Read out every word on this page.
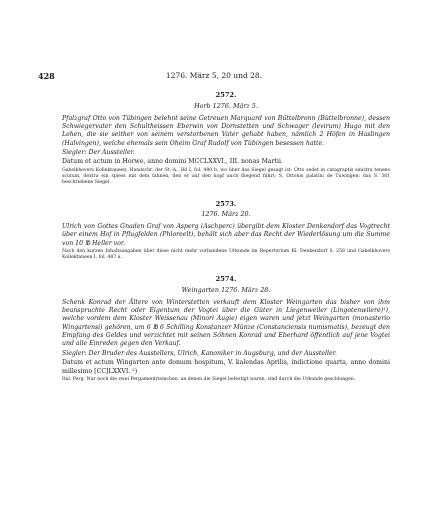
428	1276. März 5, 20 und 28.
2572.
Horb 1276. März 5.
Pfalzgraf Otto von Tübingen belehnt seine Getreuen Marquard von Büttelbronn (Büttelbronne), dessen Schwiegervater den Schultheissen Eberwin von Dornstetten und Schwager (levirum) Hugo mit den Lehen, die sie seither von seinem verstorbenen Vater gehabt haben, nämlich 2 Höfen in Haslingen (Halvingen), welche ehemals sein Oheim Graf Rudolf von Tübingen besessen hatte.
Siegler: Der Aussteller.
Datum et actum in Horwe, anno domini MCCLXXVI., III. nonas Martii.
Gabelkhovers Kollektaneen, Handschr. der St.-A., Bd I, fol. 480 b, wo über das Siegel gesagt ist: Otto sedet in catagraptis sinistra tenens scutum, dextra ein spiess mit dem fahnen, den er auf den kopf auch fliegend führt; S. Ottonis palatini de Tuwingen: das S. 381 beschriebene Siegel.
2573.
1276. März 20.
Ulrich von Gottes Gnaden Graf von Asperg (Aschperc) übergibt dem Kloster Denkendorf das Vogtrecht über einem Hof in Pflugfelden (Phloreelt), behält sich aber das Recht der Wiederlösung um die Summe von 10 ℔ Heller vor.
Nach den kurzen Inhaltsangaben über diese nicht mehr vorhandene Urkunde im Repertorium Kl. Denkendorf S. 258 und Gabelkhovers Kollektaneen I, fol. 487 a.
2574.
Weingarten 1276. März 28.
Schenk Konrad der Ältere von Winterstetten verkauft dem Kloster Weingarten das bisher von ihm beanspruchte Recht oder Eigentum der Vogtei über die Güter in Liegenweiler (Lingotenwilere)¹), welche vordem dem Kloster Weissenau (Minori Augie) eigen waren und jetzt Weingarten (monasterio Wingartensi) gehören, um 6 ℔ 6 Schilling Konstanzer Münze (Constanciensis numismatis), bezeugt den Empfang des Geldes und verzichtet mit seinen Söhnen Konrad und Eberhard öffentlich auf jene Vogtei und alle Einreden gegen den Verkauf.
Siegler: Der Bruder des Ausstellers, Ulrich, Kanoniker in Augsburg, und der Aussteller.
Datum et actum Wingarten ante domum hospitum, V. kalendas Aprilis, indictione quarta, anno domini millesimo [CC]LXXVI. ²)
Ital. Perg. Nur noch die zwei Pergamentriemchen, an denen die Siegel befestigt waren, sind durch die Urkunde geschlungen.
